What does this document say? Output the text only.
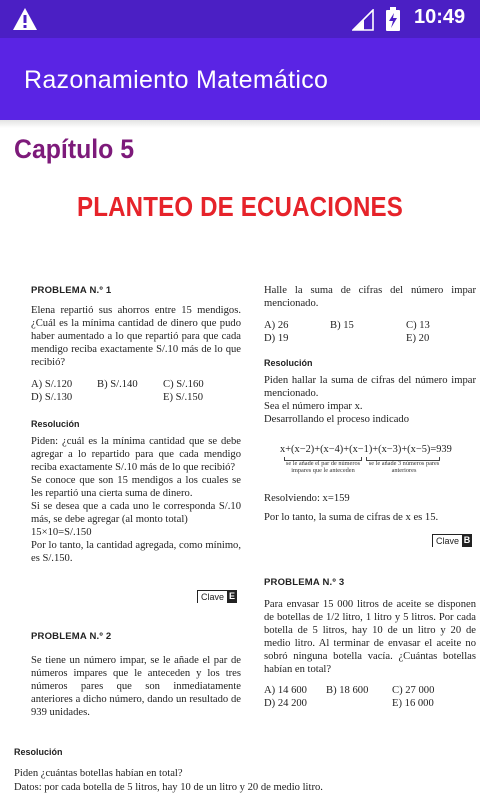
10:49
Razonamiento Matemático
Capítulo 5
PLANTEO DE ECUACIONES
PROBLEMA N.º 1

Elena repartió sus ahorros entre 15 mendigos. ¿Cuál es la mínima cantidad de dinero que pudo haber aumentado a lo que repartió para que cada mendigo reciba exactamente S/.10 más de lo que recibió?

A) S/.120	B) S/.140	C) S/.160
D) S/.130	E) S/.150
Resolución

Piden: ¿cuál es la mínima cantidad que se debe agregar a lo repartido para que cada mendigo reciba exactamente S/.10 más de lo que recibió?

Se conoce que son 15 mendigos a los cuales se les repartió una cierta suma de dinero.

Si se desea que a cada uno le corresponda S/.10 más, se debe agregar (al monto total)

15×10=S/.150

Por lo tanto, la cantidad agregada, como mínimo, es S/.150.

Clave E
PROBLEMA N.º 2

Se tiene un número impar, se le añade el par de números impares que le anteceden y los tres números pares que son inmediatamente anteriores a dicho número, dando un resultado de 939 unidades.

Halle la suma de cifras del número impar mencionado.

A) 26	B) 15	C) 13
D) 19	E) 20
Resolución

Piden hallar la suma de cifras del número impar mencionado.

Sea el número impar x.

Desarrollando el proceso indicado

x+(x−2)+(x−4)+(x−1)+(x−3)+(x−5)=939
se le añade el par de números impares que le anteceden
se le añade 3 números pares anteriores

Resolviendo: x=159

Por lo tanto, la suma de cifras de x es 15.

Clave B
PROBLEMA N.º 3

Para envasar 15 000 litros de aceite se disponen de botellas de 1/2 litro, 1 litro y 5 litros. Por cada botella de 5 litros, hay 10 de un litro y 20 de medio litro. Al terminar de envasar el aceite no sobró ninguna botella vacía. ¿Cuántas botellas habían en total?

A) 14 600	B) 18 600	C) 27 000
D) 24 200	E) 16 000
Resolución

Piden ¿cuántas botellas habían en total?

Datos: por cada botella de 5 litros, hay 10 de un litro y 20 de medio litro.
